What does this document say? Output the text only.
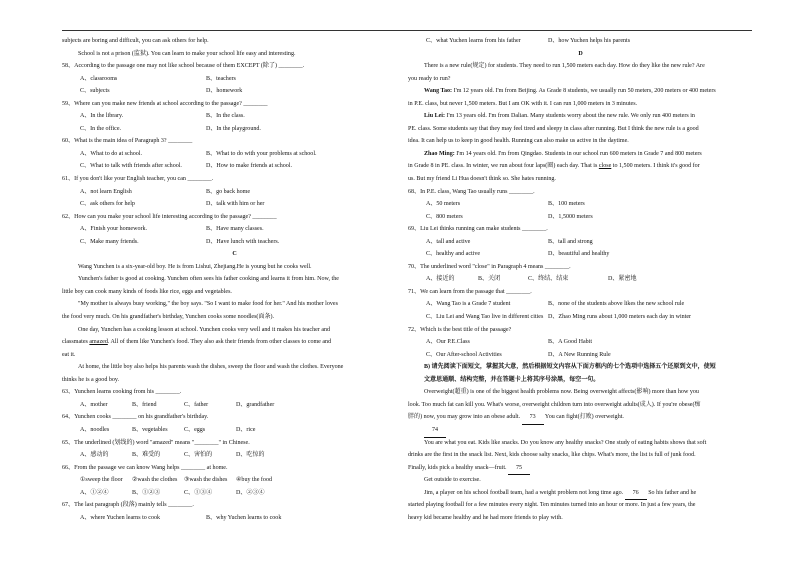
subjects are boring and difficult, you can ask others for help.
School is not a prison (监狱). You can learn to make your school life easy and interesting.
58、According to the passage one may not like school because of them EXCEPT (除了) ________.
A、classrooms	B、teachers
C、subjects	D、homework
59、Where can you make new friends at school according to the passage? ________
A、In the library.	B、In the class.
C、In the office.	D、In the playground.
60、What is the main idea of Paragraph 3? ________
A、What to do at school.	B、What to do with your problems at school.
C、What to talk with friends after school.	D、How to make friends at school.
61、If you don't like your English teacher, you can ________.
A、not learn English	B、go back home
C、ask others for help	D、talk with him or her
62、How can you make your school life interesting according to the passage? ________
A、Finish your homework.	B、Have many classes.
C、Make many friends.	D、Have lunch with teachers.
C
Wang Yunchen is a six-year-old boy. He is from Lishui, Zhejiang.He is young but he cooks well.
Yunchen's father is good at cooking. Yunchen often sees his father cooking and learns it from him. Now, the
little boy can cook many kinds of foods like rice, eggs and vegetables.
"My mother is always busy working," the boy says. "So I want to make food for her." And his mother loves
the food very much. On his grandfather's birthday, Yunchen cooks some noodles(面条).
One day, Yunchen has a cooking lesson at school. Yunchen cooks very well and it makes his teacher and
classmates amazed. All of them like Yunchen's food. They also ask their friends from other classes to come and
eat it.
At home, the little boy also helps his parents wash the dishes, sweep the floor and wash the clothes. Everyone
thinks he is a good boy.
63、Yunchen learns cooking from his ________.
A、mother	B、friend	C、father	D、grandfather
64、Yunchen cooks ________ on his grandfather's birthday.
A、noodles	B、vegetables	C、eggs	D、rice
65、The underlined (划线的) word "amazed" means "________" in Chinese.
A、感动的	B、难受的	C、害怕的	D、吃惊的
66、From the passage we can know Wang helps ________ at home.
①sweep the floor ②wash the clothes ③wash the dishes ④buy the food
A、①②④	B、①②③	C、①③④	D、②③④
67、The last paragraph (段落) mainly tells ________.
A、where Yuchen learns to cook	B、why Yuchen learns to cook
C、what Yuchen learns from his father	D、how Yuchen helps his parents
D
There is a new rule(规定) for students. They need to run 1,500 meters each day. How do they like the new rule? Are
you ready to run?
Wang Tao: I'm 12 years old. I'm from Beijing. As Grade 8 students, we usually run 50 meters, 200 meters or 400 meters
in P.E. class, but never 1,500 meters. But I am OK with it. I can run 1,000 meters in 3 minutes.
Liu Lei: I'm 13 years old. I'm from Dalian. Many students worry about the new rule. We only run 400 meters in
PE. class. Some students say that they may feel tired and sleepy in class after running. But I think the new rule is a good
idea. It can help us to keep in good health. Running can also make us active in the daytime.
Zhao Ming: I'm 14 years old. I'm from Qingdao. Students in our school run 600 meters in Grade 7 and 800 meters
in Grade 8 in PE. class. In winter, we run about four laps(圈) each day. That is close to 1,500 meters. I think it's good for
us. But my friend Li Hua doesn't think so. She hates running.
68、In P.E. class, Wang Tao usually runs ________.
A、50 meters	B、100 meters
C、800 meters	D、1,5000 meters
69、Liu Lei thinks running can make students ________.
A、tall and active	B、tall and strong
C、healthy and active	D、beautiful and healthy
70、The underlined word "close" in Paragraph 4 means ________.
A、接近的	B、关闭	C、终结、结束	D、紧密地
71、We can learn from the passage that ________.
A、Wang Tao is a Grade 7 student	B、none of the students above likes the new school rule
C、Liu Lei and Wang Tao live in different cities D、Zhao Ming runs about 1,000 meters each day in winter
72、Which is the best title of the passage?
A、Our P.E.Class	B、A Good Habit
C、Our After-school Activities	D、A New Running Rule
B) 请先阅读下面短文，掌握其大意，然后根据短文内容从下面方框内的七个选项中选择五个还原到文中，使短
文意思通顺、结构完整，并在答题卡上将其序号涂黑，每空一句。
Overweight(超重) is one of the biggest health problems now. Being overweight affects(影响) more than how you
look. Too much fat can kill you. What's worse, overweight children turn into overweight adults(成人). If you're obese(痴
胖的) now, you may grow into an obese adult. 73 You can fight(打败) overweight.
74
You are what you eat. Kids like snacks. Do you know any healthy snacks? One study of eating habits shows that soft
drinks are the first in the snack list. Next, kids choose salty snacks, like chips. What's more, the list is full of junk food.
Finally, kids pick a healthy snack—fruit. 75
Get outside to exercise.
Jim, a player on his school football team, had a weight problem not long time ago. 76 So his father and he
started playing football for a few minutes every night. Ten minutes turned into an hour or more. In just a few years, the
heavy kid became healthy and he had more friends to play with.
